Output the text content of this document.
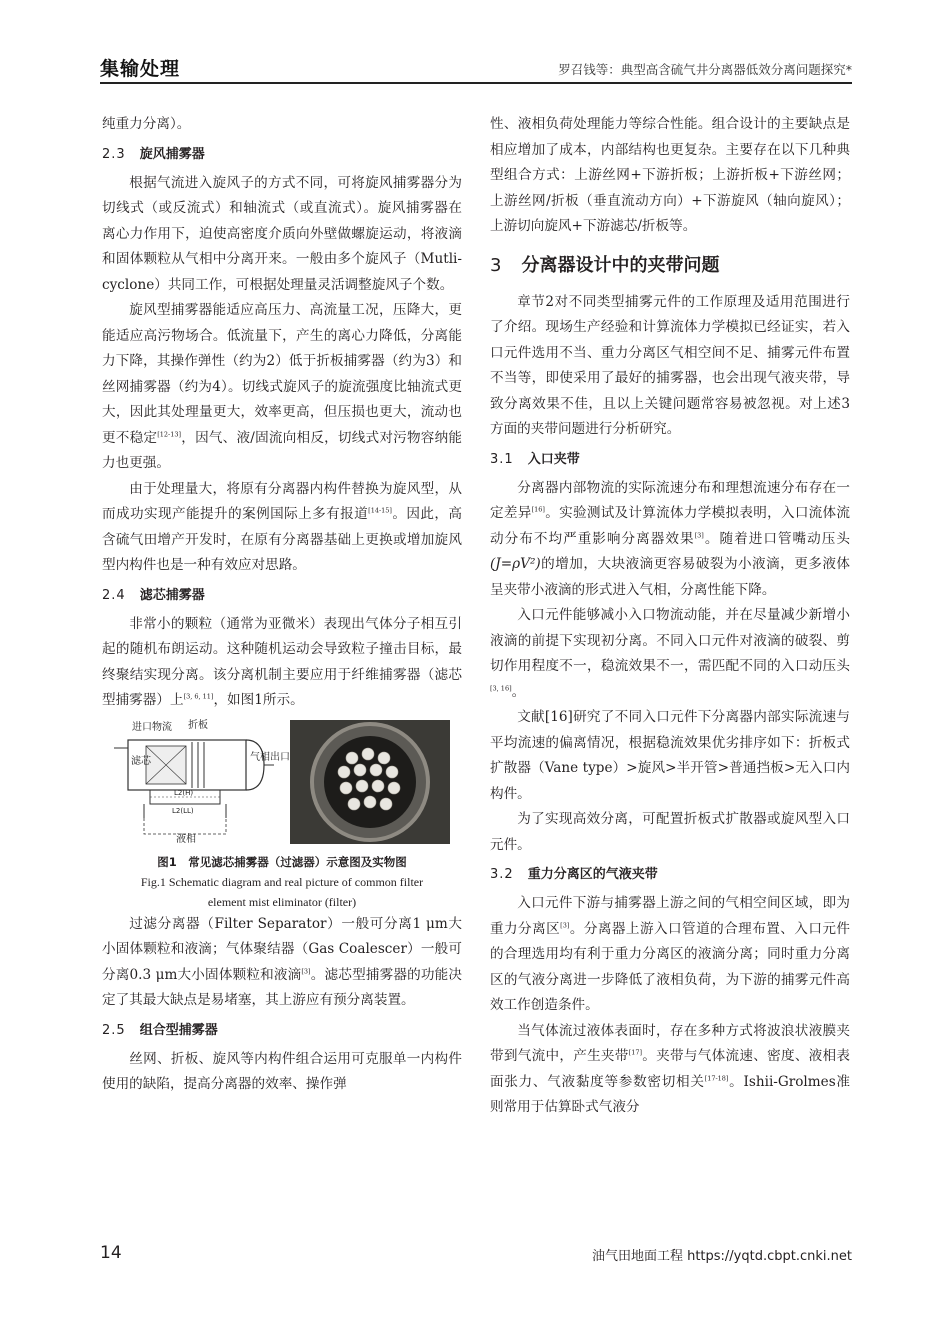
集输处理	罗召钱等：典型高含硫气井分离器低效分离问题探究*

纯重力分离）。

2.3 旋风捕雾器

根据气流进入旋风子的方式不同，可将旋风捕雾器分为切线式（或反流式）和轴流式（或直流式）。旋风捕雾器在离心力作用下，迫使高密度介质向外壁做螺旋运动，将液滴和固体颗粒从气相中分离开来。一般由多个旋风子（Mutli-cyclone）共同工作，可根据处理量灵活调整旋风子个数。

旋风型捕雾器能适应高压力、高流量工况，压降大，更能适应高污物场合。低流量下，产生的离心力降低，分离能力下降，其操作弹性（约为2）低于折板捕雾器（约为3）和丝网捕雾器（约为4）。切线式旋风子的旋流强度比轴流式更大，因此其处理量更大，效率更高，但压损也更大，流动也更不稳定[12-13]，因气、液/固流向相反，切线式对污物容纳能力也更强。

由于处理量大，将原有分离器内构件替换为旋风型，从而成功实现产能提升的案例国际上多有报道[14-15]。因此，高含硫气田增产开发时，在原有分离器基础上更换或增加旋风型内构件也是一种有效应对思路。

2.4 滤芯捕雾器

非常小的颗粒（通常为亚微米）表现出气体分子相互引起的随机布朗运动。这种随机运动会导致粒子撞击目标，最终聚结实现分离。该分离机制主要应用于纤维捕雾器（滤芯型捕雾器）上[3, 6, 11]，如图1所示。

进口物流 折板
滤芯	气相出口
L2(H)
L2(LL)
液相
图1　常见滤芯捕雾器（过滤器）示意图及实物图
Fig.1 Schematic diagram and real picture of common filter
element mist eliminator (filter)

过滤分离器（Filter Separator）一般可分离1 μm大小固体颗粒和液滴；气体聚结器（Gas Coalescer）一般可分离0.3 μm大小固体颗粒和液滴[3]。滤芯型捕雾器的功能决定了其最大缺点是易堵塞，其上游应有预分离装置。

2.5 组合型捕雾器

丝网、折板、旋风等内构件组合运用可克服单一内构件使用的缺陷，提高分离器的效率、操作弹

性、液相负荷处理能力等综合性能。组合设计的主要缺点是相应增加了成本，内部结构也更复杂。主要存在以下几种典型组合方式：上游丝网+下游折板；上游折板+下游丝网；上游丝网/折板（垂直流动方向）+下游旋风（轴向旋风）；上游切向旋风+下游滤芯/折板等。

3 分离器设计中的夹带问题

章节2对不同类型捕雾元件的工作原理及适用范围进行了介绍。现场生产经验和计算流体力学模拟已经证实，若入口元件选用不当、重力分离区气相空间不足、捕雾元件布置不当等，即使采用了最好的捕雾器，也会出现气液夹带，导致分离效果不佳，且以上关键问题常容易被忽视。对上述3方面的夹带问题进行分析研究。

3.1 入口夹带

分离器内部物流的实际流速分布和理想流速分布存在一定差异[16]。实验测试及计算流体力学模拟表明，入口流体流动分布不均严重影响分离器效果[3]。随着进口管嘴动压头(J=ρV²)的增加，大块液滴更容易破裂为小液滴，更多液体呈夹带小液滴的形式进入气相，分离性能下降。

入口元件能够减小入口物流动能，并在尽量减少新增小液滴的前提下实现初分离。不同入口元件对液滴的破裂、剪切作用程度不一，稳流效果不一，需匹配不同的入口动压头[3, 16]。

文献[16]研究了不同入口元件下分离器内部实际流速与平均流速的偏离情况，根据稳流效果优劣排序如下：折板式扩散器（Vane type）>旋风>半开管>普通挡板>无入口内构件。

为了实现高效分离，可配置折板式扩散器或旋风型入口元件。

3.2 重力分离区的气液夹带

入口元件下游与捕雾器上游之间的气相空间区域，即为重力分离区[3]。分离器上游入口管道的合理布置、入口元件的合理选用均有利于重力分离区的液滴分离；同时重力分离区的气液分离进一步降低了液相负荷，为下游的捕雾元件高效工作创造条件。

当气体流过液体表面时，存在多种方式将波浪状液膜夹带到气流中，产生夹带[17]。夹带与气体流速、密度、液相表面张力、气液黏度等参数密切相关[17-18]。Ishii-Grolmes准则常用于估算卧式气液分

14	油气田地面工程 https://yqtd.cbpt.cnki.net
